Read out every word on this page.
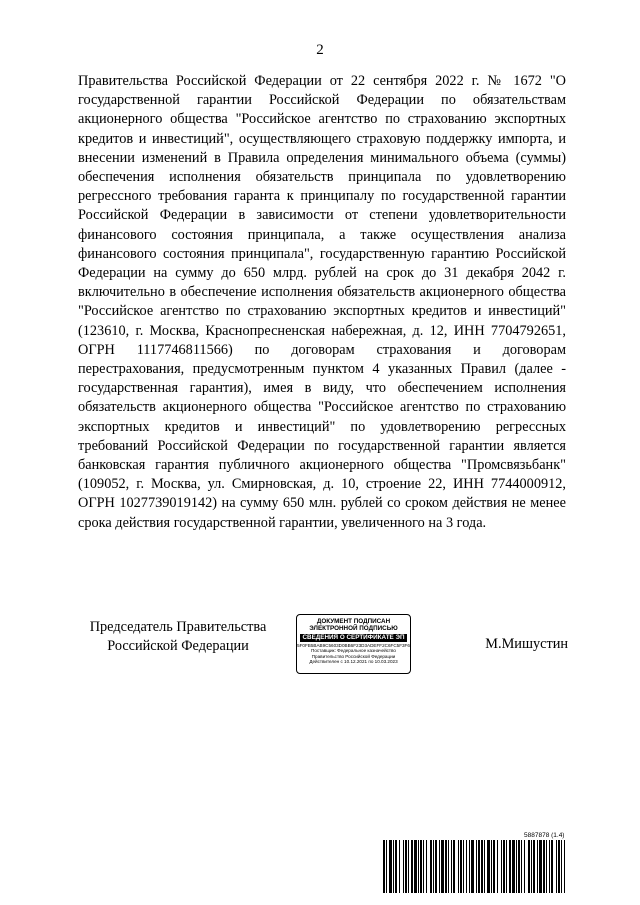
2

Правительства Российской Федерации от 22 сентября 2022 г. № 1672 "О государственной гарантии Российской Федерации по обязательствам акционерного общества "Российское агентство по страхованию экспортных кредитов и инвестиций", осуществляющего страховую поддержку импорта, и внесении изменений в Правила определения минимального объема (суммы) обеспечения исполнения обязательств принципала по удовлетворению регрессного требования гаранта к принципалу по государственной гарантии Российской Федерации в зависимости от степени удовлетворительности финансового состояния принципала, а также осуществления анализа финансового состояния принципала", государственную гарантию Российской Федерации на сумму до 650 млрд. рублей на срок до 31 декабря 2042 г. включительно в обеспечение исполнения обязательств акционерного общества "Российское агентство по страхованию экспортных кредитов и инвестиций" (123610, г. Москва, Краснопресненская набережная, д. 12, ИНН 7704792651, ОГРН 1117746811566) по договорам страхования и договорам перестрахования, предусмотренным пунктом 4 указанных Правил (далее - государственная гарантия), имея в виду, что обеспечением исполнения обязательств акционерного общества "Российское агентство по страхованию экспортных кредитов и инвестиций" по удовлетворению регрессных требований Российской Федерации по государственной гарантии является банковская гарантия публичного акционерного общества "Промсвязьбанк" (109052, г. Москва, ул. Смирновская, д. 10, строение 22, ИНН 7744000912, ОГРН 1027739019142) на сумму 650 млн. рублей со сроком действия не менее срока действия государственной гарантии, увеличенного на 3 года.

Председатель Правительства
Российской Федерации
ДОКУМЕНТ ПОДПИСАН
ЭЛЕКТРОННОЙ ПОДПИСЬЮ
СВЕДЕНИЯ О СЕРТИФИКАТЕ ЭП
5F0FB5BAB9C5603D0BB6F23D3ADEFF2C6FC5F3F6
Поставщик: Федеральное казначейство
Правительство Российской Федерации
Действителен с 10.12.2021 по 10.03.2023
М.Мишустин
5887878 (1.4)
